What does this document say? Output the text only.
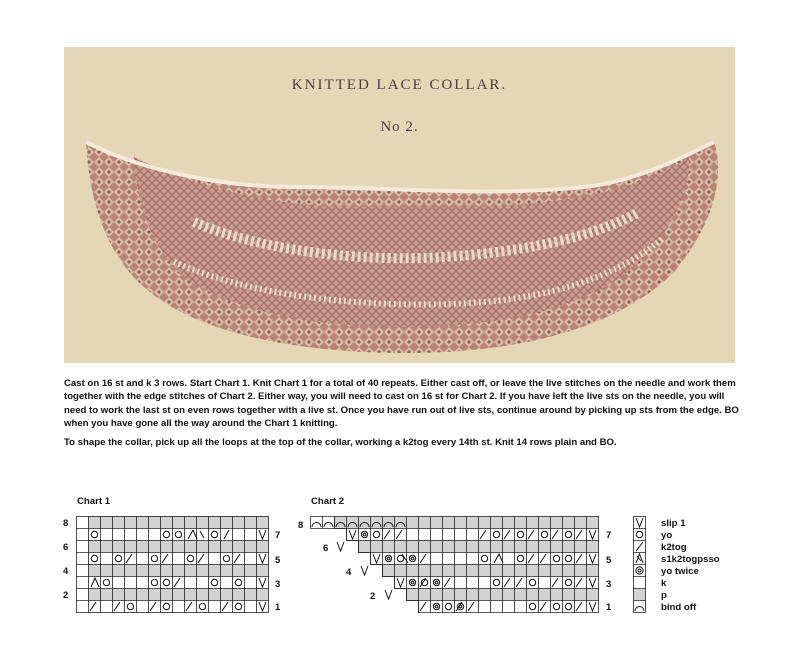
KNITTED LACE COLLAR.
No 2.

Cast on 16 st and k 3 rows. Start Chart 1. Knit Chart 1 for a total of 40 repeats. Either cast off, or leave the live stitches on the needle and work them together with the edge stitches of Chart 2. Either way, you will need to cast on 16 st for Chart 2. If you have left the live sts on the needle, you will need to work the last st on even rows together with a live st. Once you have run out of live sts, continue around by picking up sts from the edge. BO when you have gone all the way around the Chart 1 knitting.

To shape the collar, pick up all the loops at the top of the collar, working a k2tog every 14th st. Knit 14 rows plain and BO.

Chart 1	Chart 2
8
6
4
2
7
5
3
1
8
6
4
2
7
5
3
1
slip 1
yo
k2tog
s1k2togpsso
yo twice
k
p
bind off
